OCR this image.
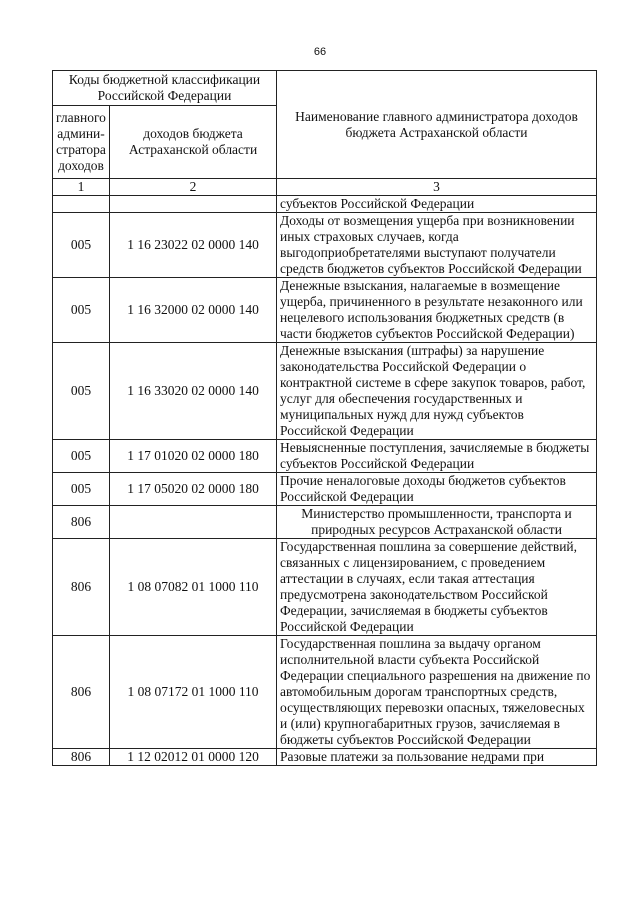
66
Коды бюджетной классификации Российской Федерации		Наименование главного администратора доходов бюджета Астраханской области
главного админи-стратора доходов	доходов бюджета Астраханской области	
1	2	3
		субъектов Российской Федерации
005	1 16 23022 02 0000 140	Доходы от возмещения ущерба при возникновении иных страховых случаев, когда выгодоприобретателями выступают получатели средств бюджетов субъектов Российской Федерации
005	1 16 32000 02 0000 140	Денежные взыскания, налагаемые в возмещение ущерба, причиненного в результате незаконного или нецелевого использования бюджетных средств (в части бюджетов субъектов Российской Федерации)
005	1 16 33020 02 0000 140	Денежные взыскания (штрафы) за нарушение законодательства Российской Федерации о контрактной системе в сфере закупок товаров, работ, услуг для обеспечения государственных и муниципальных нужд для нужд субъектов Российской Федерации
005	1 17 01020 02 0000 180	Невыясненные поступления, зачисляемые в бюджеты субъектов Российской Федерации
005	1 17 05020 02 0000 180	Прочие неналоговые доходы бюджетов субъектов Российской Федерации
806		Министерство промышленности, транспорта и природных ресурсов Астраханской области
806	1 08 07082 01 1000 110	Государственная пошлина за совершение действий, связанных с лицензированием, с проведением аттестации в случаях, если такая аттестация предусмотрена законодательством Российской Федерации, зачисляемая в бюджеты субъектов Российской Федерации
806	1 08 07172 01 1000 110	Государственная пошлина за выдачу органом исполнительной власти субъекта Российской Федерации специального разрешения на движение по автомобильным дорогам транспортных средств, осуществляющих перевозки опасных, тяжеловесных и (или) крупногабаритных грузов, зачисляемая в бюджеты субъектов Российской Федерации
806	1 12 02012 01 0000 120	Разовые платежи за пользование недрами при
